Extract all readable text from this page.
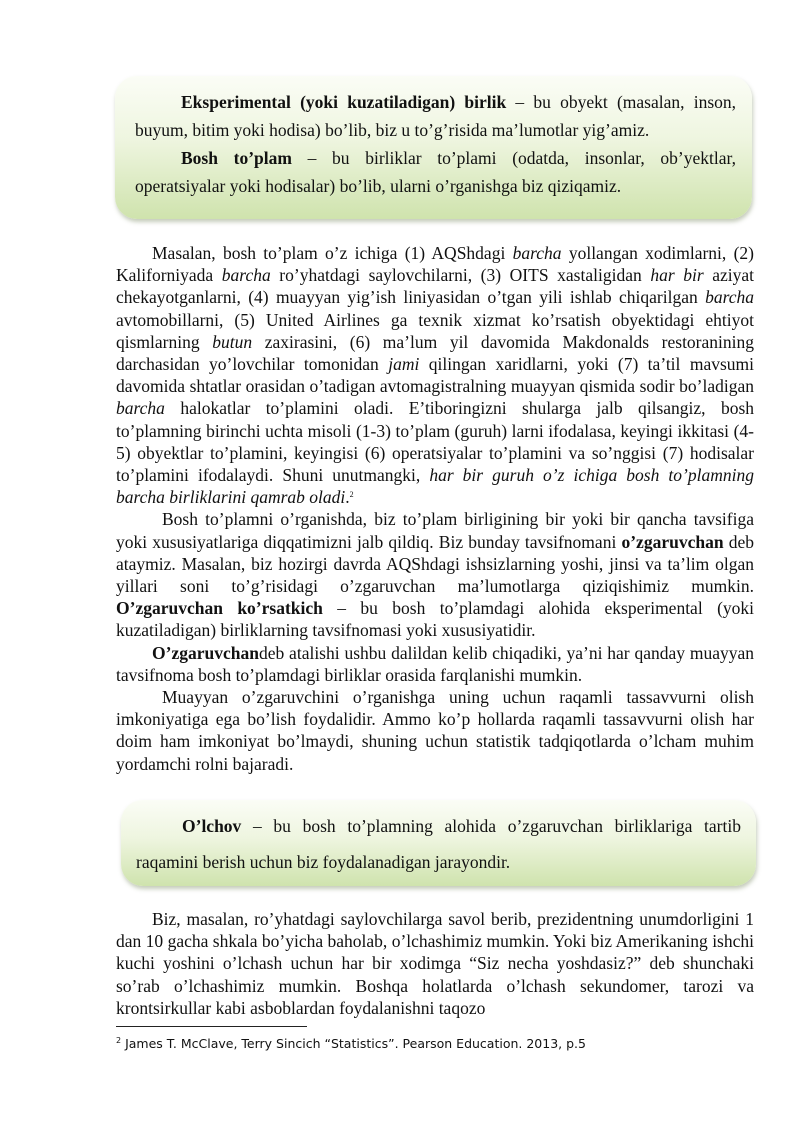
Eksperimental (yoki kuzatiladigan) birlik – bu obyekt (masalan, inson, buyum, bitim yoki hodisa) bo’lib, biz u to’g’risida ma’lumotlar yig’amiz.

Bosh to’plam – bu birliklar to’plami (odatda, insonlar, ob’yektlar, operatsiyalar yoki hodisalar) bo’lib, ularni o’rganishga biz qiziqamiz.

Masalan, bosh to’plam o’z ichiga (1) AQShdagi barcha yollangan xodimlarni, (2) Kaliforniyada barcha ro’yhatdagi saylovchilarni, (3) OITS xastaligidan har bir aziyat chekayotganlarni, (4) muayyan yig’ish liniyasidan o’tgan yili ishlab chiqarilgan barcha avtomobillarni, (5) United Airlines ga texnik xizmat ko’rsatish obyektidagi ehtiyot qismlarning butun zaxirasini, (6) ma’lum yil davomida Makdonalds restoranining darchasidan yo’lovchilar tomonidan jami qilingan xaridlarni, yoki (7) ta’til mavsumi davomida shtatlar orasidan o’tadigan avtomagistralning muayyan qismida sodir bo’ladigan barcha halokatlar to’plamini oladi. E’tiboringizni shularga jalb qilsangiz, bosh to’plamning birinchi uchta misoli (1-3) to’plam (guruh) larni ifodalasa, keyingi ikkitasi (4-5) obyektlar to’plamini, keyingisi (6) operatsiyalar to’plamini va so’nggisi (7) hodisalar to’plamini ifodalaydi. Shuni unutmangki, har bir guruh o’z ichiga bosh to’plamning barcha birliklarini qamrab oladi.$^2$

Bosh to’plamni o’rganishda, biz to’plam birligining bir yoki bir qancha tavsifiga yoki xususiyatlariga diqqatimizni jalb qildiq. Biz bunday tavsifnomani o’zgaruvchan deb ataymiz. Masalan, biz hozirgi davrda AQShdagi ishsizlarning yoshi, jinsi va ta’lim olgan yillari soni to’g’risidagi o’zgaruvchan ma’lumotlarga qiziqishimiz mumkin. O’zgaruvchan ko’rsatkich – bu bosh to’plamdagi alohida eksperimental (yoki kuzatiladigan) birliklarning tavsifnomasi yoki xususiyatidir.

O’zgaruvchandeb atalishi ushbu dalildan kelib chiqadiki, ya’ni har qanday muayyan tavsifnoma bosh to’plamdagi birliklar orasida farqlanishi mumkin.

Muayyan o’zgaruvchini o’rganishga uning uchun raqamli tassavvurni olish imkoniyatiga ega bo’lish foydalidir. Ammo ko’p hollarda raqamli tassavvurni olish har doim ham imkoniyat bo’lmaydi, shuning uchun statistik tadqiqotlarda o’lcham muhim yordamchi rolni bajaradi.

O’lchov – bu bosh to’plamning alohida o’zgaruvchan birliklariga tartib raqamini berish uchun biz foydalanadigan jarayondir.

Biz, masalan, ro’yhatdagi saylovchilarga savol berib, prezidentning unumdorligini 1 dan 10 gacha shkala bo’yicha baholab, o’lchashimiz mumkin. Yoki biz Amerikaning ishchi kuchi yoshini o’lchash uchun har bir xodimga “Siz necha yoshdasiz?” deb shunchaki so’rab o’lchashimiz mumkin. Boshqa holatlarda o’lchash sekundomer, tarozi va krontsirkullar kabi asboblardan foydalanishni taqozo

$^2$ James T. McClave, Terry Sincich “Statistics”. Pearson Education. 2013, p.5
